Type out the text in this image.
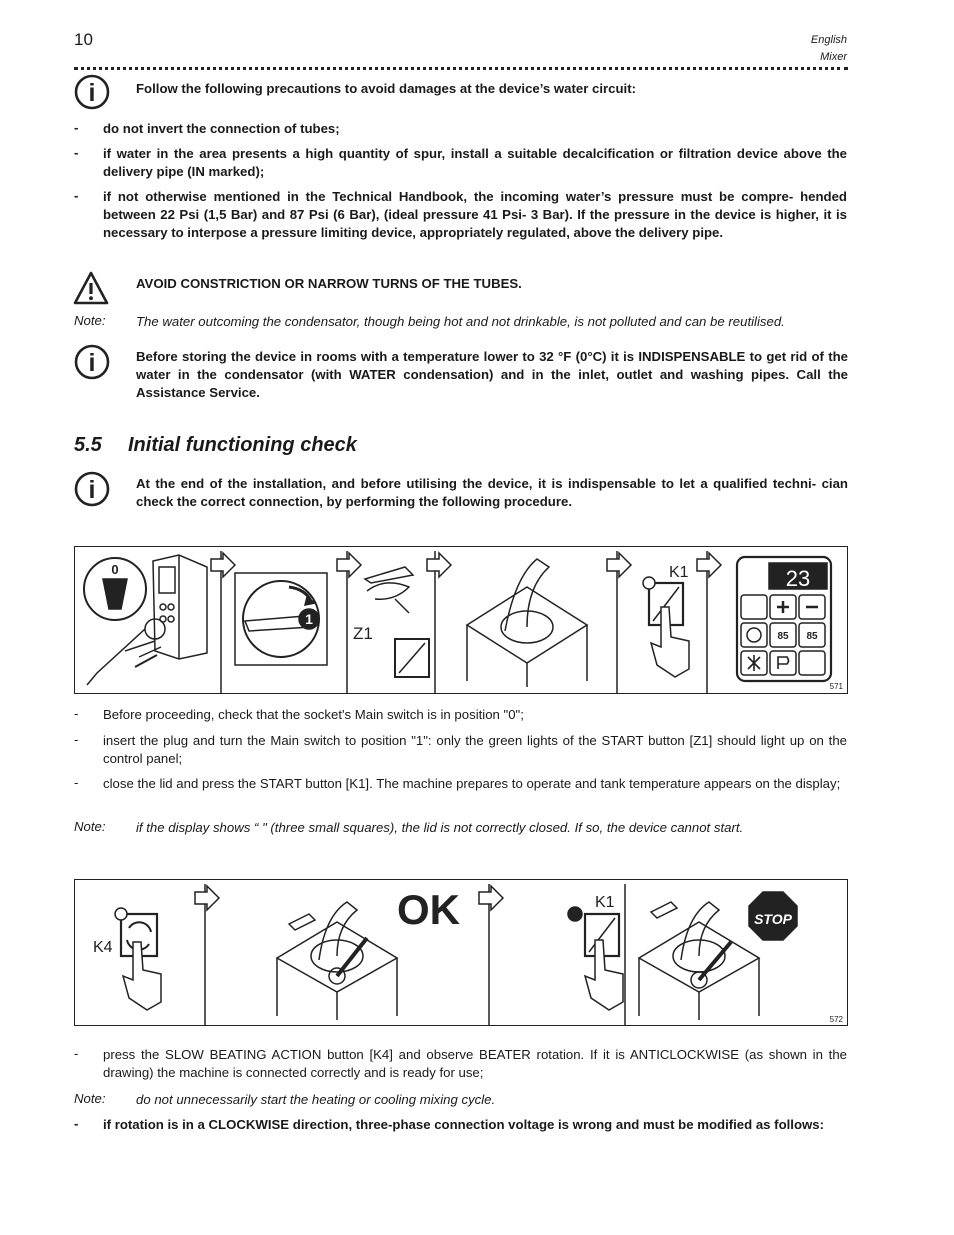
10	English
Mixer
i	Follow the following precautions to avoid damages at the device’s water circuit:
-	do not invert the connection of tubes;
-	if water in the area presents a high quantity of spur, install a suitable decalcification or filtration device above the delivery pipe (IN marked);
-	if not otherwise mentioned in the Technical Handbook, the incoming water’s pressure must be compre- hended between 22 Psi (1,5 Bar) and 87 Psi (6 Bar), (ideal pressure 41 Psi- 3 Bar). If the pressure in the device is higher, it is necessary to interpose a pressure limiting device, appropriately regulated, above the delivery pipe.
AVOID CONSTRICTION OR NARROW TURNS OF THE TUBES.
Note: The water outcoming the condensator, though being hot and not drinkable, is not polluted and can be reutilised.
i	Before storing the device in rooms with a temperature lower to 32 °F (0°C) it is INDISPENSABLE to get rid of the water in the condensator (with WATER condensation) and in the inlet, outlet and washing pipes. Call the Assistance Service.
5.5 Initial functioning check
i	At the end of the installation, and before utilising the device, it is indispensable to let a qualified techni- cian check the correct connection, by performing the following procedure.
0
1
Z1
K1	23
85 85
571
-	Before proceeding, check that the socket's Main switch is in position "0";
-	insert the plug and turn the Main switch to position "1": only the green lights of the START button [Z1] should light up on the control panel;
-	close the lid and press the START button [K1]. The machine prepares to operate and tank temperature appears on the display;
Note: if the display shows “ " (three small squares), the lid is not correctly closed. If so, the device cannot start.
K4
K1
OK	STOP
572
-	press the SLOW BEATING ACTION button [K4] and observe BEATER rotation. If it is ANTICLOCKWISE (as shown in the drawing) the machine is connected correctly and is ready for use;
Note: do not unnecessarily start the heating or cooling mixing cycle.
-	if rotation is in a CLOCKWISE direction, three-phase connection voltage is wrong and must be modified as follows:
